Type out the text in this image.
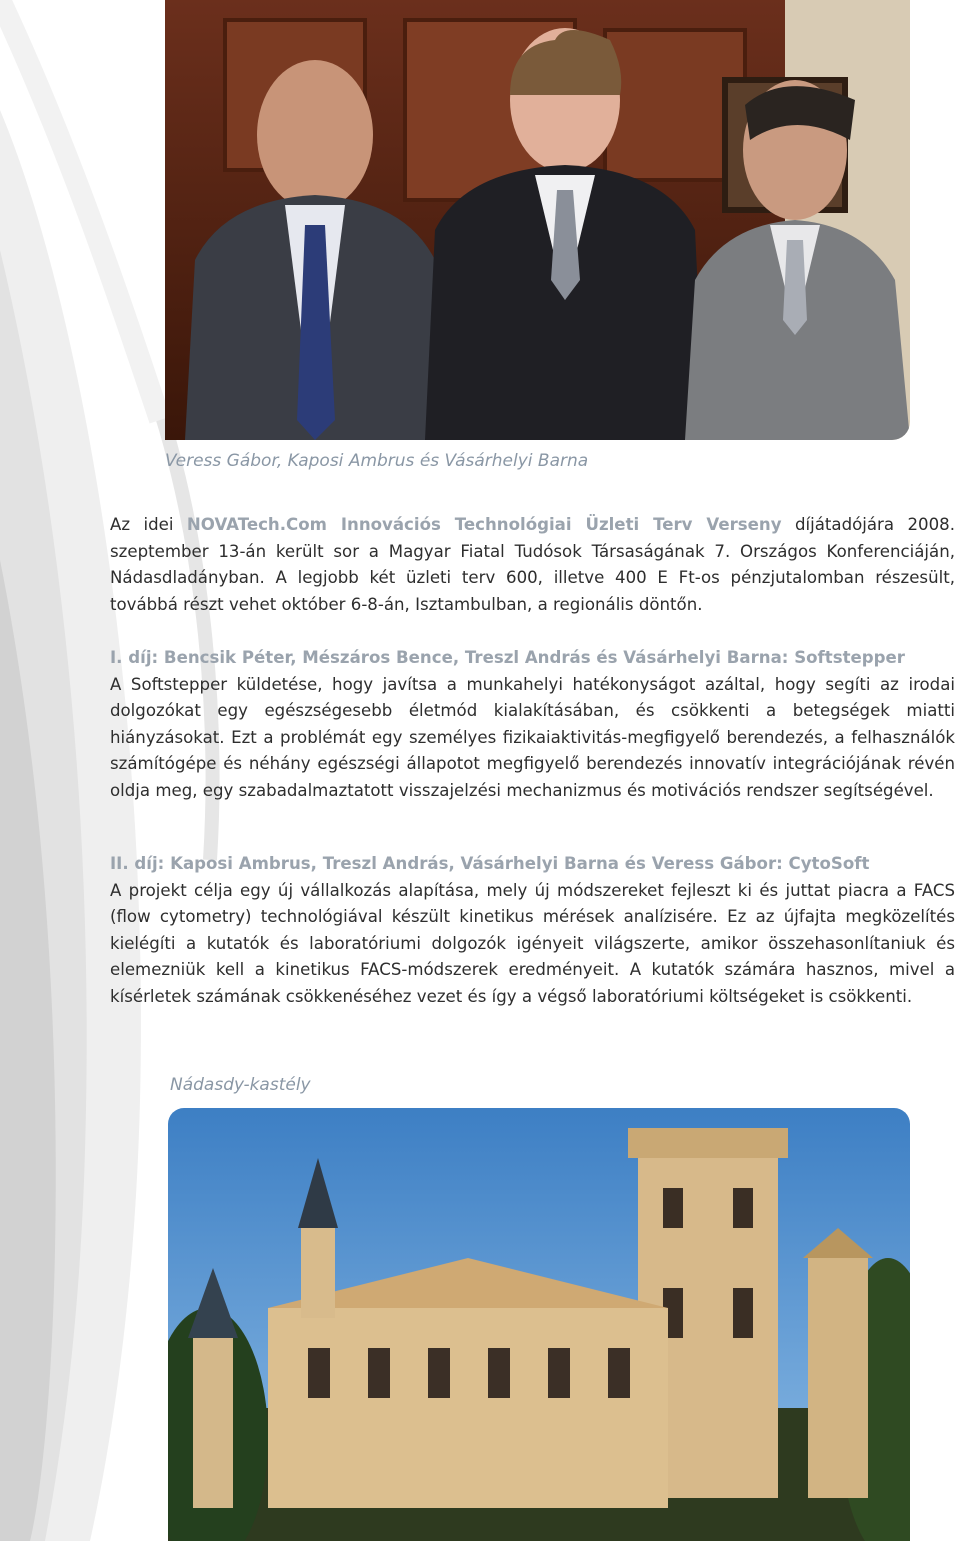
Veress Gábor, Kaposi Ambrus és Vásárhelyi Barna

Az idei NOVATech.Com Innovációs Technológiai Üzleti Terv Verseny díjátadójára 2008. szeptember 13-án került sor a Magyar Fiatal Tudósok Társaságának 7. Országos Konferenciáján, Nádasdladányban. A legjobb két üzleti terv 600, illetve 400 E Ft-os pénzjutalomban részesült, továbbá részt vehet október 6-8-án, Isztambulban, a regionális döntőn.

I. díj: Bencsik Péter, Mészáros Bence, Treszl András és Vásárhelyi Barna: Softstepper

A Softstepper küldetése, hogy javítsa a munkahelyi hatékonyságot azáltal, hogy segíti az irodai dolgozókat egy egészségesebb életmód kialakításában, és csökkenti a betegségek miatti hiányzásokat. Ezt a problémát egy személyes fizikaiaktivitás-megfigyelő berendezés, a felhasználók számítógépe és néhány egészségi állapotot megfigyelő berendezés innovatív integrációjának révén oldja meg, egy szabadalmaztatott visszajelzési mechanizmus és motivációs rendszer segítségével.

II. díj: Kaposi Ambrus, Treszl András, Vásárhelyi Barna és Veress Gábor: CytoSoft

A projekt célja egy új vállalkozás alapítása, mely új módszereket fejleszt ki és juttat piacra a FACS (flow cytometry) technológiával készült kinetikus mérések analízisére. Ez az újfajta megközelítés kielégíti a kutatók és laboratóriumi dolgozók igényeit világszerte, amikor összehasonlítaniuk és elemezniük kell a kinetikus FACS-módszerek eredményeit. A kutatók számára hasznos, mivel a kísérletek számának csökkenéséhez vezet és így a végső laboratóriumi költségeket is csökkenti.

Nádasdy-kastély
